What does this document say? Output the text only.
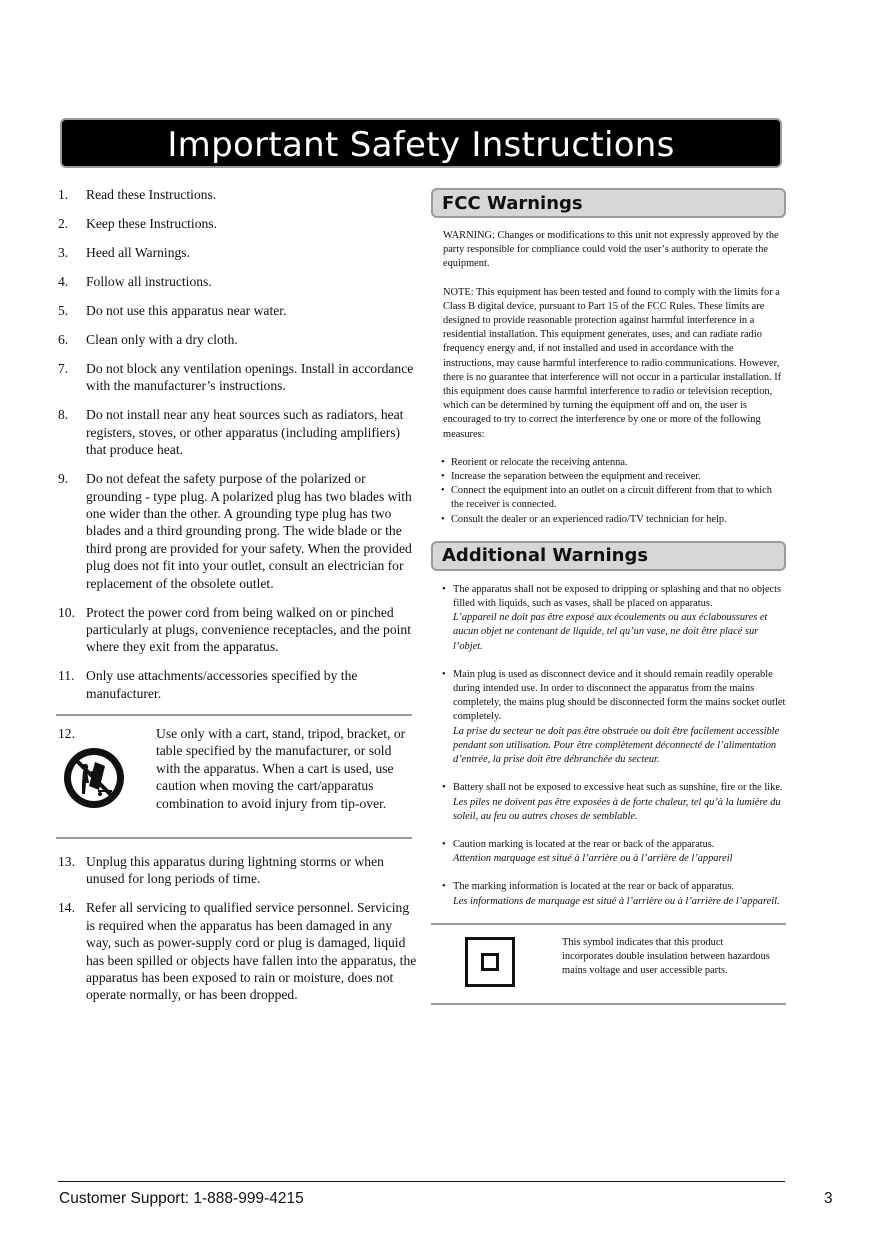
Important Safety Instructions
1.	Read these Instructions.
2.	Keep these Instructions.
3.	Heed all Warnings.
4.	Follow all instructions.
5.	Do not use this apparatus near water.
6.	Clean only with a dry cloth.
7.	Do not block any ventilation openings. Install in accordance with the manufacturer’s instructions.
8.	Do not install near any heat sources such as radiators, heat registers, stoves, or other apparatus (including amplifiers) that produce heat.
9.	Do not defeat the safety purpose of the polarized or grounding - type plug. A polarized plug has two blades with one wider than the other. A grounding type plug has two blades and a third grounding prong. The wide blade or the third prong are provided for your safety. When the provided plug does not fit into your outlet, consult an electrician for replacement of the obsolete outlet.
10. Protect the power cord from being walked on or pinched particularly at plugs, convenience receptacles, and the point where they exit from the apparatus.
11. Only use attachments/accessories specified by the manufacturer.
12.	Use only with a cart, stand, tripod, bracket, or table specified by the manufacturer, or sold with the apparatus. When a cart is used, use caution when moving the cart/apparatus combination to avoid injury from tip-over.
13. Unplug this apparatus during lightning storms or when unused for long periods of time.
14. Refer all servicing to qualified service personnel. Servicing is required when the apparatus has been damaged in any way, such as power-supply cord or plug is damaged, liquid has been spilled or objects have fallen into the apparatus, the apparatus has been exposed to rain or moisture, does not operate normally, or has been dropped.
FCC Warnings

WARNING: Changes or modifications to this unit not expressly approved by the party responsible for compliance could void the user’s authority to operate the equipment.

NOTE: This equipment has been tested and found to comply with the limits for a Class B digital device, pursuant to Part 15 of the FCC Rules. These limits are designed to provide reasonable protection against harmful interference in a residential installation. This equipment generates, uses, and can radiate radio frequency energy and, if not installed and used in accordance with the instructions, may cause harmful interference to radio communications. However, there is no guarantee that interference will not occur in a particular installation. If this equipment does cause harmful interference to radio or television reception, which can be determined by turning the equipment off and on, the user is encouraged to try to correct the interference by one or more of the following measures:

• Reorient or relocate the receiving antenna.
• Increase the separation between the equipment and receiver.
• Connect the equipment into an outlet on a circuit different from that to which the receiver is connected.
• Consult the dealer or an experienced radio/TV technician for help.
Additional Warnings
• The apparatus shall not be exposed to dripping or splashing and that no objects filled with liquids, such as vases, shall be placed on apparatus.
L’appareil ne doit pas être exposé aux écoulements ou aux éclaboussures et aucun objet ne contenant de liquide, tel qu’un vase, ne doit être placé sur l’objet.
• Main plug is used as disconnect device and it should remain readily operable during intended use. In order to disconnect the apparatus from the mains completely, the mains plug should be disconnected form the mains socket outlet completely.
La prise du secteur ne doit pas être obstruée ou doit être facilement accessible pendant son utilisation. Pour être complètement déconnecté de l’alimentation d’entrée, la prise doit être débranchée du secteur.
• Battery shall not be exposed to excessive heat such as sunshine, fire or the like.
Les piles ne doivent pas être exposées à de forte chaleur, tel qu’à la lumière du soleil, au feu ou autres choses de semblable.
• Caution marking is located at the rear or back of the apparatus.
Attention marquage est situé à l’arrière ou à l’arrière de l’appareil
• The marking information is located at the rear or back of apparatus.
Les informations de marquage est situé à l’arrière ou à l’arrière de l’appareil.
This symbol indicates that this product incorporates double insulation between hazardous mains voltage and user accessible parts.
Customer Support: 1-888-999-4215	3
